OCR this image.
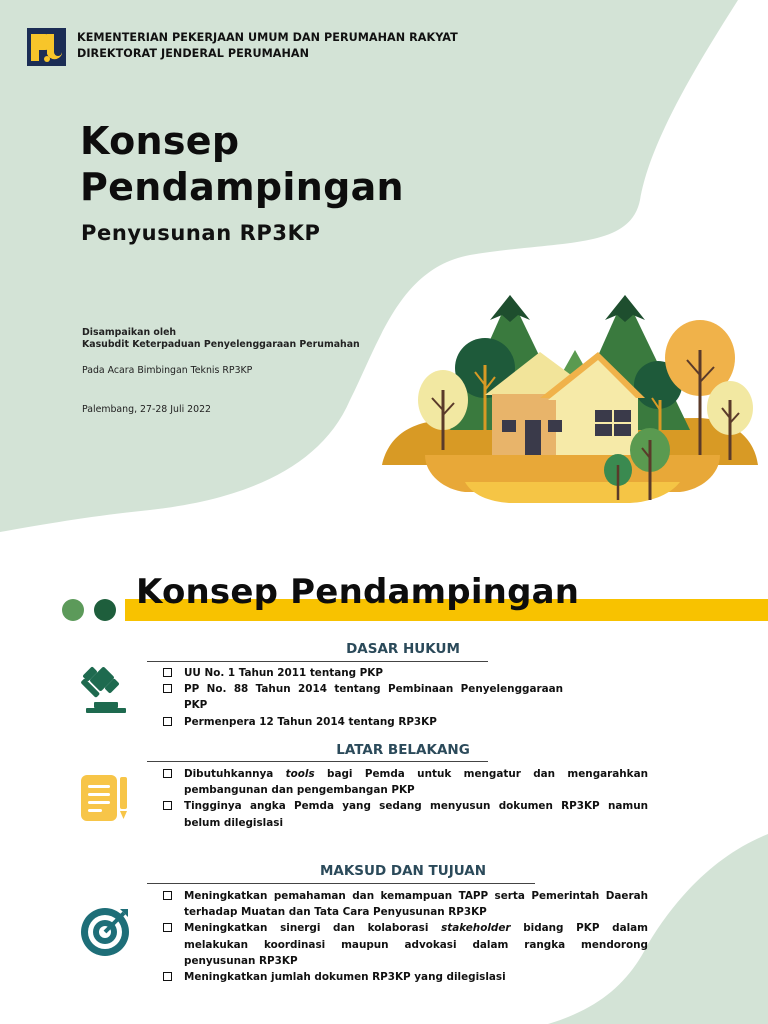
KEMENTERIAN PEKERJAAN UMUM DAN PERUMAHAN RAKYAT
DIREKTORAT JENDERAL PERUMAHAN
Konsep
Pendampingan
Penyusunan RP3KP
Disampaikan oleh
Kasubdit Keterpaduan Penyelenggaraan Perumahan
Pada Acara Bimbingan Teknis RP3KP
Palembang, 27-28 Juli 2022
Konsep Pendampingan
DASAR HUKUM
UU No. 1 Tahun 2011 tentang PKP
PP No. 88 Tahun 2014 tentang Pembinaan Penyelenggaraan PKP
Permenpera 12 Tahun 2014 tentang RP3KP
LATAR BELAKANG
Dibutuhkannya tools bagi Pemda untuk mengatur dan mengarahkan pembangunan dan pengembangan PKP
Tingginya angka Pemda yang sedang menyusun dokumen RP3KP namun belum dilegislasi
MAKSUD DAN TUJUAN
Meningkatkan pemahaman dan kemampuan TAPP serta Pemerintah Daerah terhadap Muatan dan Tata Cara Penyusunan RP3KP
Meningkatkan sinergi dan kolaborasi stakeholder bidang PKP dalam melakukan koordinasi maupun advokasi dalam rangka mendorong penyusunan RP3KP
Meningkatkan jumlah dokumen RP3KP yang dilegislasi
